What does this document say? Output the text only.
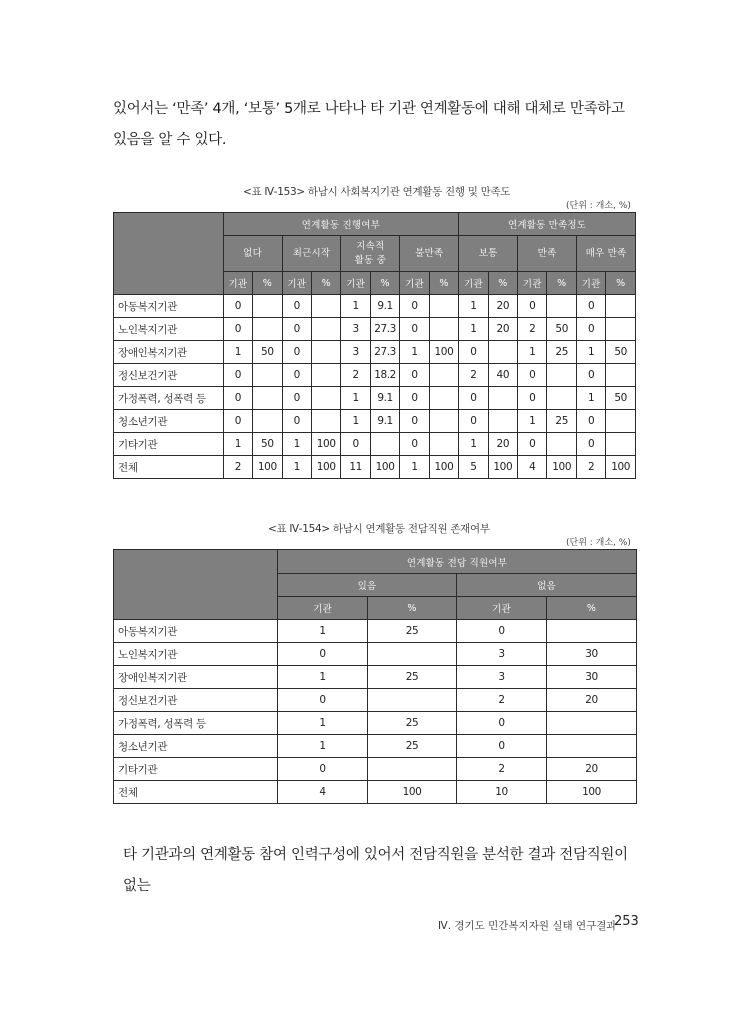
있어서는 ‘만족’ 4개, ‘보통’ 5개로 나타나 타 기관 연계활동에 대해 대체로 만족하고 있음을 알 수 있다.
<표 Ⅳ-153> 하남시 사회복지기관 연계활동 진행 및 만족도
(단위 : 개소, %)
	연계활동 진행여부								연계활동 만족정도					
	없다		최근시작		지속적
활동 중		불만족		보통		만족		매우 만족	
	기관	%	기관	%	기관	%	기관	%	기관	%	기관	%	기관	%
아동복지기관	0		0		1	9.1	0		1	20	0		0	
노인복지기관	0		0		3	27.3	0		1	20	2	50	0	
장애인복지기관	1	50	0		3	27.3	1	100	0		1	25	1	50
정신보건기관	0		0		2	18.2	0		2	40	0		0	
가정폭력, 성폭력 등	0		0		1	9.1	0		0		0		1	50
청소년기관	0		0		1	9.1	0		0		1	25	0	
기타기관	1	50	1	100	0		0		1	20	0		0	
전체	2	100	1	100	11	100	1	100	5	100	4	100	2	100
<표 Ⅳ-154> 하남시 연계활동 전담직원 존재여부
(단위 : 개소, %)
	연계활동 전담 직원여부			
	있음		없음	
	기관	%	기관	%
아동복지기관	1	25	0	
노인복지기관	0		3	30
장애인복지기관	1	25	3	30
정신보건기관	0		2	20
가정폭력, 성폭력 등	1	25	0	
청소년기관	1	25	0	
기타기관	0		2	20
전체	4	100	10	100
타 기관과의 연계활동 참여 인력구성에 있어서 전담직원을 분석한 결과 전담직원이 없는
Ⅳ. 경기도 민간복지자원 실태 연구결과
253
